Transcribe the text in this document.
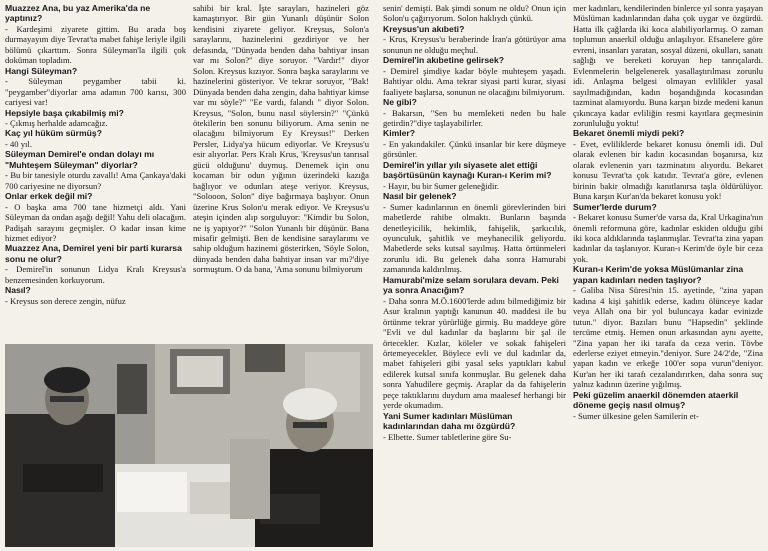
Muazzez Ana, bu yaz Amerika'da ne yaptınız?

- Kardeşimi ziyarete gittim. Bu arada boş durmayayım diye Tevrat'ta mabet fahişe leriyle ilgili bölümü çıkarttım. Sonra Süleyman'la ilgili çok doküman topladım.

Hangi Süleyman?

- Süleyman peygamber tabii ki. "peygamber"diyorlar ama adamın 700 karısı, 300 cariyesi var!

Hepsiyle başa çıkabilmiş mi?

- Çıkmış herhalde adamcağız.

Kaç yıl hüküm sürmüş?

- 40 yıl.

Süleyman Demirel'e ondan dolayı mı "Muhteşem Süleyman" diyorlar?

- Bu bir tanesiyle oturdu zavallı! Ama Çankaya'daki 700 cariyesine ne diyorsun?

Onlar erkek değil mi?

- O başka ama 700 tane hizmetçi aldı. Yani Süleyman da ondan aşağı değil! Yahu deli olacağım. Padişah sarayını geçmişler. O kadar insan kime hizmet ediyor?

Muazzez Ana, Demirel yeni bir parti kurarsa sonu ne olur?

- Demirel'in sonunun Lidya Kralı Kreysus'a benzemesinden korkuyorum.

Nasıl?

- Kreysus son derece zengin, nüfuz

sahibi bir kral. İşte sarayları, hazineleri göz kamaştırıyor. Bir gün Yunanlı düşünür Solon kendisini ziyarete geliyor. Kreysus, Solon'a saraylarını, hazinelerini gezdiriyor ve her defasında, "Dünyada benden daha bahtiyar insan var mı Solon?" diye soruyor. "Vardır!" diyor Solon. Kreysus kızıyor. Sonra başka saraylarını ve hazinelerini gösteriyor. Ve tekrar soruyor, "Bak! Dünyada benden daha zengin, daha bahtiyar kimse var mı söyle?" "Ee vardı, falandı " diyor Solon. Kreysus, "Solon, bunu nasıl söylersin?" "Çünkü ötekilerin ben sonunu biliyorum. Ama senin ne olacağını bilmiyorum Ey Kreysus!" Derken Persler, Lidya'ya hücum ediyorlar. Ve Kreysus'u esir alıyorlar. Pers Kralı Krus, 'Kreysus'un tanrısal gücü olduğunu' duymuş. Denemek için onu kocaman bir odun yığının üzerindeki kazığa bağlıyor ve odunları ateşe veriyor. Kreysus, "Solooon, Solon" diye bağırmaya başlıyor. Onun üzerine Krus Solon'u merak ediyor. Ve Kreysus'u ateşin içinden alıp sorguluyor: "Kimdir bu Solon, ne iş yapıyor?" "Solon Yunanlı bir düşünür. Bana misafir gelmişti. Ben de kendisine saraylarımı ve sahip olduğum hazinemi gösterirken, 'Söyle Solon, dünyada benden daha bahtiyar insan var mı?'diye sormuştum. O da bana, 'Ama sonunu bilmiyorum

senin' demişti. Bak şimdi sonum ne oldu? Onun için Solon'u çağırıyorum. Solon haklıydı çünkü.

Kreysus'un akıbeti?

- Krus, Kreysus'u beraberinde İran'a götürüyor ama sonunun ne olduğu meçhul.

Demirel'in akıbetine gelirsek?

- Demirel şimdiye kadar böyle muhteşem yaşadı. Bahtiyar oldu. Ama tekrar siyasi parti kurar, siyasi faaliyete başlarsa, sonunun ne olacağını bilmiyorum.

Ne gibi?

- Bakarsın, "Sen bu memleketi neden bu hale getirdin?"diye taşlayabilirler.

Kimler?

- En yakındakiler. Çünkü insanlar bir kere düşmeye görsünler.

Demirel'in yıllar yılı siyasete alet ettiği başörtüsünün kaynağı Kuran-ı Kerim mi?

- Hayır, bu bir Sumer geleneğidir.

Nasıl bir gelenek?

- Sumer kadınlarının en önemli görevlerinden biri mabetlerde rahibe olmaktı. Bunların başında denetleyicilik, hekimlik, fahişelik, şarkıcılık, oyunculuk, şahitlik ve meyhanecilik geliyordu. Mabetlerde seks kutsal sayılmış. Hatta örtünmeleri zorunlu idi. Bu gelenek daha sonra Hamurabi zamanında kaldırılmış.

Hamurabi'mize selam sorulara devam. Peki ya sonra Anacığım?

- Daha sonra M.Ö.1600'lerde adını bilmediğimiz bir Asur kralının yaptığı kanunun 40. maddesi ile bu örtünme tekrar yürürlüğe girmiş. Bu maddeye göre "Evli ve dul kadınlar da başlarını bir şal ile örtecekler. Kızlar, köleler ve sokak fahişeleri örtemeyecekler. Böylece evli ve dul kadınlar da, mabet fahişeleri gibi yasal seks yaptıkları kabul edilerek kutsal sınıfa konmuşlar. Bu gelenek daha sonra Yahudilere geçmiş. Araplar da da fahişelerin peçe taktıklarını duydum ama maalesef herhangi bir yerde okumadım.

Yani Sumer kadınları Müslüman kadınlarından daha mı özgürdü?

- Elbette. Sumer tabletlerine göre Su-

mer kadınları, kendilerinden binlerce yıl sonra yaşayan Müslüman kadınlarından daha çok uygar ve özgürdü. Hatta ilk çağlarda iki koca alabiliyorlarmış. O zaman toplumun anaerkil olduğu anlaşılıyor. Efsanelere göre evreni, insanları yaratan, sosyal düzeni, okulları, sanatı sağlığı ve bereketi koruyan hep tanrıçalardı. Evlenmelerin belgelenerek yasallaştırılması zorunlu idi. Anlaşma belgesi olmayan evlilikler yasal sayılmadığından, kadın boşandığında kocasından tazminat alamıyordu. Buna karşın bizde medeni kanun çıkıncaya kadar evliliğin resmi kayıtlara geçmesinin zorunluluğu yoktu!

Bekaret önemli miydi peki?

- Evet, evliliklerde bekaret konusu önemli idi. Dul olarak evlenen bir kadın kocasından boşanırsa, kız olarak evlenenin yarı tazminatını alıyordu. Bekaret konusu Tevrat'ta çok katıdır. Tevrat'a göre, evlenen birinin bakir olmadığı kanıtlanırsa taşla öldürülüyor. Buna karşın Kur'an'da bekaret konusu yok!

Sumer'lerde durum?

- Bekaret konusu Sumer'de varsa da, Kral Urkagina'nın önemli reformuna göre, kadınlar eskiden olduğu gibi iki koca aldıklarında taşlanmışlar. Tevrat'ta zina yapan kadınlar da taşlanıyor. Kuran-ı Kerim'de öyle bir ceza yok.

Kuran-ı Kerim'de yoksa Müslümanlar zina yapan kadınları neden taşlıyor?

- Galiba Nisa Süresi'nin 15. ayetinde, "zina yapan kadına 4 kişi şahitlik ederse, kadını ölünceye kadar veya Allah ona bir yol buluncaya kadar evinizde tutun." diyor. Bazıları bunu "Hapsedin" şeklinde tercüme etmiş. Hemen onun arkasından aynı ayette, "Zina yapan her iki tarafa da ceza verin. Tövbe ederlerse eziyet etmeyin."deniyor. Sure 24/2'de, "Zina yapan kadın ve erkeğe 100'er sopa vurun"deniyor. Kur'an her iki tarafı cezalandırırken, daha sonra suç yalnız kadının üzerine yığılmış.

Peki güzelim anaerkil dönemden ataerkil döneme geçiş nasıl olmuş?

- Sumer ülkesine gelen Samilerin et-
